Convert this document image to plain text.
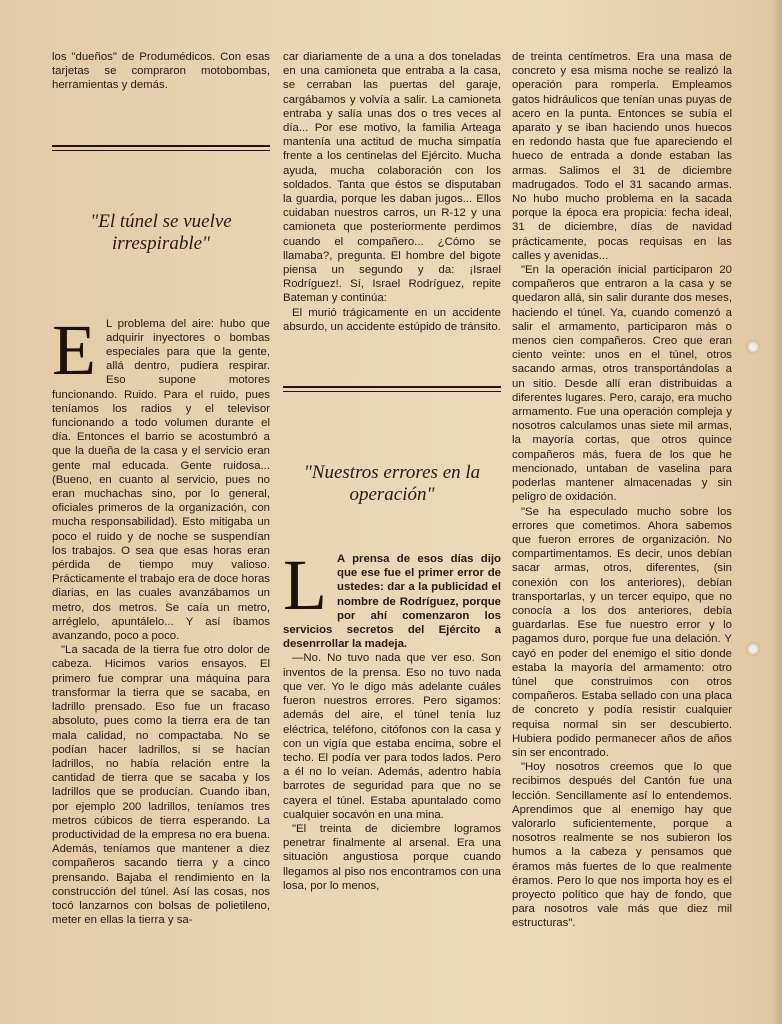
los "dueños" de Produmédicos. Con esas tarjetas se compraron motobombas, herramientas y demás.

"El túnel se vuelve irrespirable"
E L problema del aire: hubo que adquirir inyectores o bombas especiales para que la gente, allá dentro, pudiera respirar. Eso supone motores funcionando. Ruido. Para el ruido, pues teníamos los radios y el televisor funcionando a todo volumen durante el día. Entonces el barrio se acostumbró a que la dueña de la casa y el servicio eran gente mal educada. Gente ruidosa... (Bueno, en cuanto al servicio, pues no eran muchachas sino, por lo general, oficiales primeros de la organización, con mucha responsabilidad). Esto mitigaba un poco el ruido y de noche se suspendían los trabajos. O sea que esas horas eran pérdida de tiempo muy valioso. Prácticamente el trabajo era de doce horas diarias, en las cuales avanzábamos un metro, dos metros. Se caía un metro, arréglelo, apuntálelo... Y así íbamos avanzando, poco a poco.

"La sacada de la tierra fue otro dolor de cabeza. Hicimos varios ensayos. El primero fue comprar una máquina para transformar la tierra que se sacaba, en ladrillo prensado. Eso fue un fracaso absoluto, pues como la tierra era de tan mala calidad, no compactaba. No se podían hacer ladrillos, si se hacían ladrillos, no había relación entre la cantidad de tierra que se sacaba y los ladrillos que se producían. Cuando iban, por ejemplo 200 ladrillos, teníamos tres metros cúbicos de tierra esperando. La productividad de la empresa no era buena. Además, teníamos que mantener a diez compañeros sacando tierra y a cinco prensando. Bajaba el rendimiento en la construcción del túnel. Así las cosas, nos tocó lanzarnos con bolsas de polietileno, meter en ellas la tierra y sa-

car diariamente de a una a dos toneladas en una camioneta que entraba a la casa, se cerraban las puertas del garaje, cargábamos y volvía a salir. La camioneta entraba y salía unas dos o tres veces al día... Por ese motivo, la familia Arteaga mantenía una actitud de mucha simpatía frente a los centinelas del Ejército. Mucha ayuda, mucha colaboración con los soldados. Tanta que éstos se disputaban la guardia, porque les daban jugos... Ellos cuidaban nuestros carros, un R-12 y una camioneta que posteriormente perdimos cuando el compañero... ¿Cómo se llamaba?, pregunta. El hombre del bigote piensa un segundo y da: ¡Israel Rodríguez!. Sí, Israel Rodríguez, repite Bateman y continúa:

El murió trágicamente en un accidente absurdo, un accidente estúpido de tránsito.

"Nuestros errores en la operación"
L A prensa de esos días dijo que ese fue el primer error de ustedes: dar a la publicidad el nombre de Rodríguez, porque por ahí comenzaron los servicios secretos del Ejército a desenrrollar la madeja.

—No. No tuvo nada que ver eso. Son inventos de la prensa. Eso no tuvo nada que ver. Yo le digo más adelante cuáles fueron nuestros errores. Pero sigamos: además del aire, el túnel tenía luz eléctrica, teléfono, citófonos con la casa y con un vigía que estaba encima, sobre el techo. El podía ver para todos lados. Pero a él no lo veían. Además, adentro había barrotes de seguridad para que no se cayera el túnel. Estaba apuntalado como cualquier socavón en una mina.

"El treinta de diciembre logramos penetrar finalmente al arsenal. Era una situación angustiosa porque cuando llegamos al piso nos encontramos con una losa, por lo menos,

de treinta centímetros. Era una masa de concreto y esa misma noche se realizó la operación para romperla. Empleamos gatos hidráulicos que tenían unas puyas de acero en la punta. Entonces se subía el aparato y se iban haciendo unos huecos en redondo hasta que fue apareciendo el hueco de entrada a donde estaban las armas. Salimos el 31 de diciembre madrugados. Todo el 31 sacando armas. No hubo mucho problema en la sacada porque la época era propicia: fecha ideal, 31 de diciembre, días de navidad prácticamente, pocas requisas en las calles y avenidas...

"En la operación inicial participaron 20 compañeros que entraron a la casa y se quedaron allá, sin salir durante dos meses, haciendo el túnel. Ya, cuando comenzó a salir el armamento, participaron más o menos cien compañeros. Creo que eran ciento veinte: unos en el túnel, otros sacando armas, otros transportándolas a un sitio. Desde allí eran distribuidas a diferentes lugares. Pero, carajo, era mucho armamento. Fue una operación compleja y nosotros calculamos unas siete mil armas, la mayoría cortas, que otros quince compañeros más, fuera de los que he mencionado, untaban de vaselina para poderlas mantener almacenadas y sin peligro de oxidación.

"Se ha especulado mucho sobre los errores que cometimos. Ahora sabemos que fueron errores de organización. No compartimentamos. Es decir, unos debían sacar armas, otros, diferentes, (sin conexión con los anteriores), debían transportarlas, y un tercer equipo, que no conocía a los dos anteriores, debía guardarlas. Ese fue nuestro error y lo pagamos duro, porque fue una delación. Y cayó en poder del enemigo el sitio donde estaba la mayoría del armamento: otro túnel que construimos con otros compañeros. Estaba sellado con una placa de concreto y podía resistir cualquier requisa normal sin ser descubierto. Hubiera podido permanecer años de años sin ser encontrado.

"Hoy nosotros creemos que lo que recibimos después del Cantón fue una lección. Sencillamente así lo entendemos. Aprendimos que al enemigo hay que valorarlo suficientemente, porque a nosotros realmente se nos subieron los humos a la cabeza y pensamos que éramos más fuertes de lo que realmente éramos. Pero lo que nos importa hoy es el proyecto político que hay de fondo, que para nosotros vale más que diez mil estructuras".
